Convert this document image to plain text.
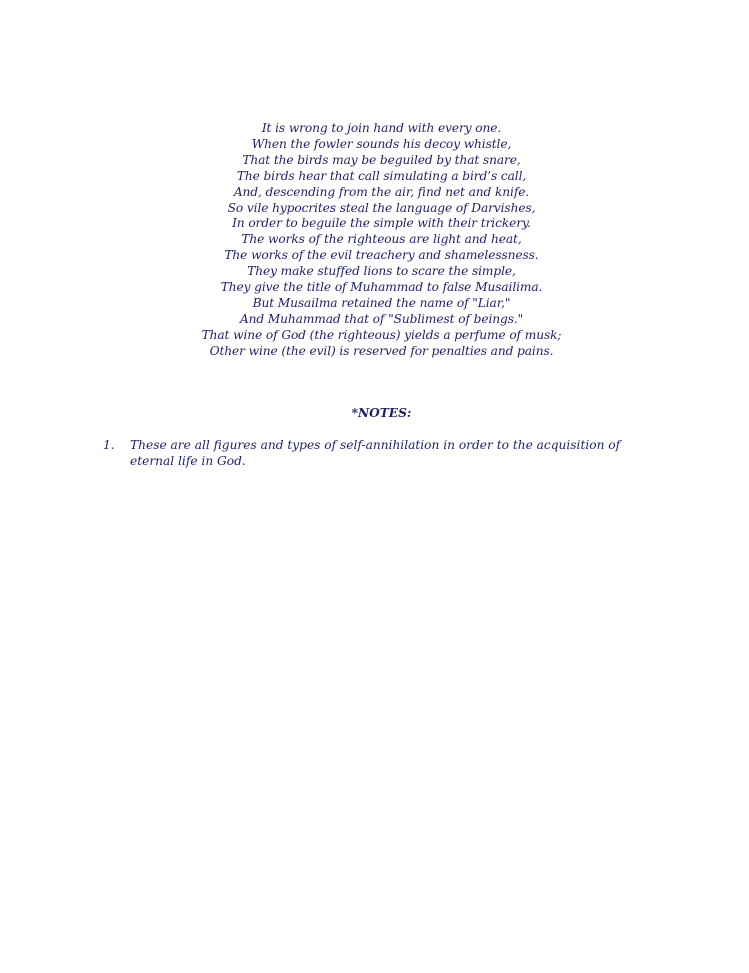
It is wrong to join hand with every one.
When the fowler sounds his decoy whistle,
That the birds may be beguiled by that snare,
The birds hear that call simulating a bird’s call,
And, descending from the air, find net and knife.
So vile hypocrites steal the language of Darvishes,
In order to beguile the simple with their trickery.
The works of the righteous are light and heat,
The works of the evil treachery and shamelessness.
They make stuffed lions to scare the simple,
They give the title of Muhammad to false Musailima.
But Musailma retained the name of "Liar,"
And Muhammad that of "Sublimest of beings."
That wine of God (the righteous) yields a perfume of musk;
Other wine (the evil) is reserved for penalties and pains.
*NOTES:
1.	These are all figures and types of self-annihilation in order to the acquisition of eternal life in God.
